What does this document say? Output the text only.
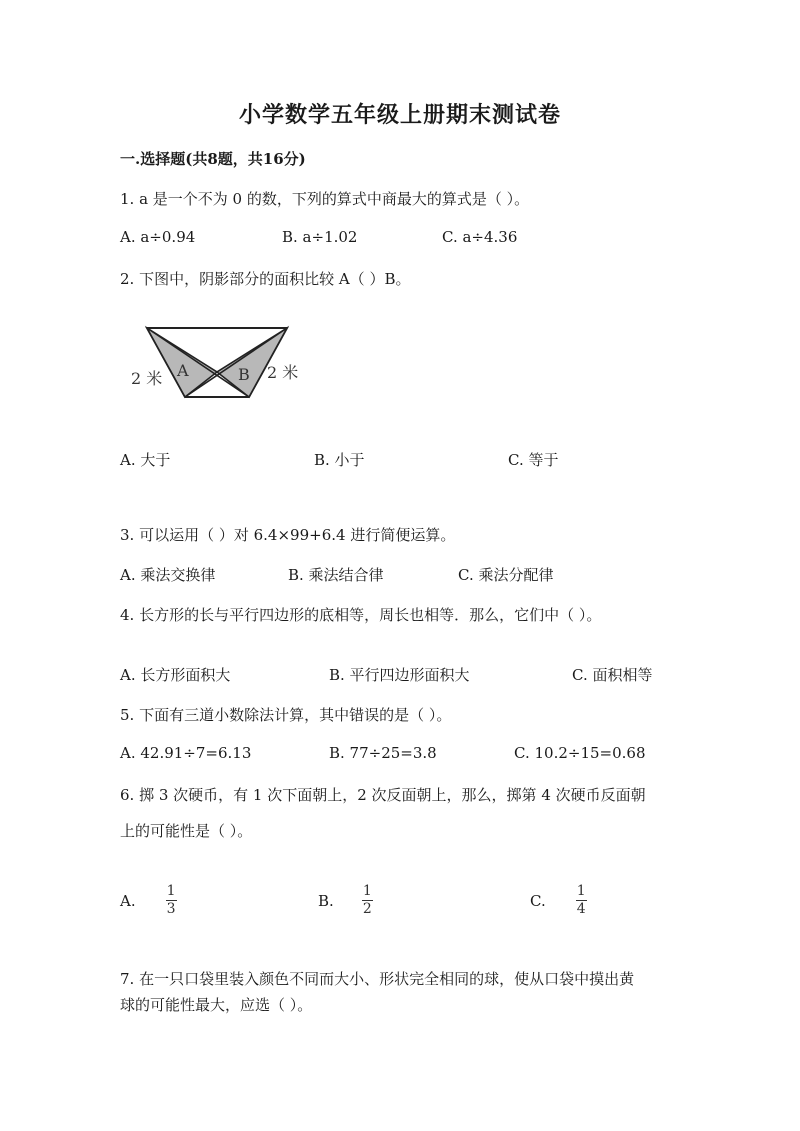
小学数学五年级上册期末测试卷
一.选择题(共8题，共16分)
1. a 是一个不为 0 的数，下列的算式中商最大的算式是（ ）。
A. a÷0.94	B. a÷1.02	C. a÷4.36
2. 下图中，阴影部分的面积比较 A（ ）B。
A	B
2 米	2 米
A. 大于	B. 小于	C. 等于
3. 可以运用（ ）对 6.4×99+6.4 进行简便运算。
A. 乘法交换律	B. 乘法结合律	C. 乘法分配律
4. 长方形的长与平行四边形的底相等，周长也相等．那么，它们中（ ）。
A. 长方形面积大	B. 平行四边形面积大	C. 面积相等
5. 下面有三道小数除法计算，其中错误的是（ ）。
A. 42.91÷7=6.13	B. 77÷25=3.8	C. 10.2÷15=0.68
6. 掷 3 次硬币，有 1 次下面朝上，2 次反面朝上，那么，掷第 4 次硬币反面朝
上的可能性是（ ）。
A. $\frac{1}{3}$	B. $\frac{1}{2}$	C. $\frac{1}{4}$
7. 在一只口袋里装入颜色不同而大小、形状完全相同的球，使从口袋中摸出黄
球的可能性最大，应选（ ）。
